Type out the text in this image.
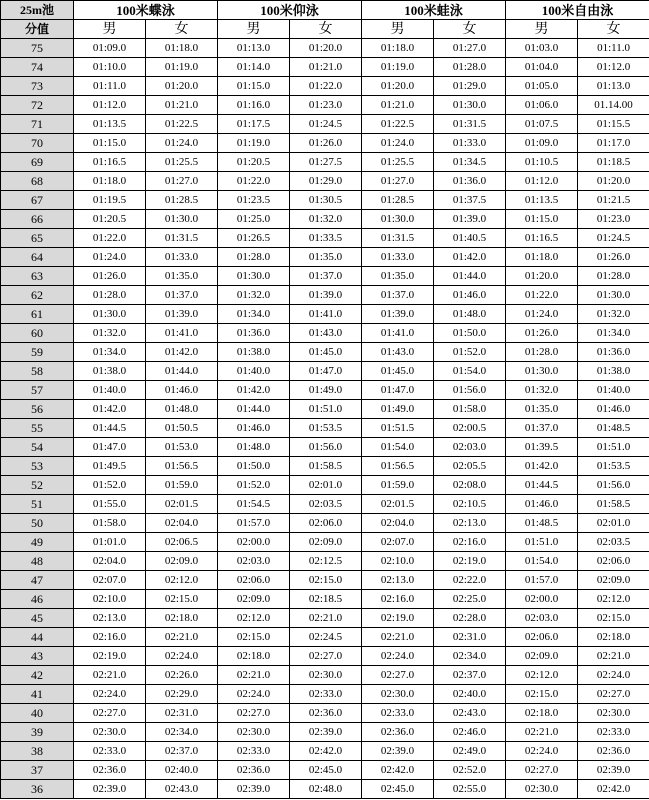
25m池	100米蝶泳		100米仰泳		100米蛙泳		100米自由泳	
分值	男	女	男	女	男	女	男	女
75	01:09.0	01:18.0	01:13.0	01:20.0	01:18.0	01:27.0	01:03.0	01:11.0
74	01:10.0	01:19.0	01:14.0	01:21.0	01:19.0	01:28.0	01:04.0	01:12.0
73	01:11.0	01:20.0	01:15.0	01:22.0	01:20.0	01:29.0	01:05.0	01:13.0
72	01:12.0	01:21.0	01:16.0	01:23.0	01:21.0	01:30.0	01:06.0	01.14.00
71	01:13.5	01:22.5	01:17.5	01:24.5	01:22.5	01:31.5	01:07.5	01:15.5
70	01:15.0	01:24.0	01:19.0	01:26.0	01:24.0	01:33.0	01:09.0	01:17.0
69	01:16.5	01:25.5	01:20.5	01:27.5	01:25.5	01:34.5	01:10.5	01:18.5
68	01:18.0	01:27.0	01:22.0	01:29.0	01:27.0	01:36.0	01:12.0	01:20.0
67	01:19.5	01:28.5	01:23.5	01:30.5	01:28.5	01:37.5	01:13.5	01:21.5
66	01:20.5	01:30.0	01:25.0	01:32.0	01:30.0	01:39.0	01:15.0	01:23.0
65	01:22.0	01:31.5	01:26.5	01:33.5	01:31.5	01:40.5	01:16.5	01:24.5
64	01:24.0	01:33.0	01:28.0	01:35.0	01:33.0	01:42.0	01:18.0	01:26.0
63	01:26.0	01:35.0	01:30.0	01:37.0	01:35.0	01:44.0	01:20.0	01:28.0
62	01:28.0	01:37.0	01:32.0	01:39.0	01:37.0	01:46.0	01:22.0	01:30.0
61	01:30.0	01:39.0	01:34.0	01:41.0	01:39.0	01:48.0	01:24.0	01:32.0
60	01:32.0	01:41.0	01:36.0	01:43.0	01:41.0	01:50.0	01:26.0	01:34.0
59	01:34.0	01:42.0	01:38.0	01:45.0	01:43.0	01:52.0	01:28.0	01:36.0
58	01:38.0	01:44.0	01:40.0	01:47.0	01:45.0	01:54.0	01:30.0	01:38.0
57	01:40.0	01:46.0	01:42.0	01:49.0	01:47.0	01:56.0	01:32.0	01:40.0
56	01:42.0	01:48.0	01:44.0	01:51.0	01:49.0	01:58.0	01:35.0	01:46.0
55	01:44.5	01:50.5	01:46.0	01:53.5	01:51.5	02:00.5	01:37.0	01:48.5
54	01:47.0	01:53.0	01:48.0	01:56.0	01:54.0	02:03.0	01:39.5	01:51.0
53	01:49.5	01:56.5	01:50.0	01:58.5	01:56.5	02:05.5	01:42.0	01:53.5
52	01:52.0	01:59.0	01:52.0	02:01.0	01:59.0	02:08.0	01:44.5	01:56.0
51	01:55.0	02:01.5	01:54.5	02:03.5	02:01.5	02:10.5	01:46.0	01:58.5
50	01:58.0	02:04.0	01:57.0	02:06.0	02:04.0	02:13.0	01:48.5	02:01.0
49	01:01.0	02:06.5	02:00.0	02:09.0	02:07.0	02:16.0	01:51.0	02:03.5
48	02:04.0	02:09.0	02:03.0	02:12.5	02:10.0	02:19.0	01:54.0	02:06.0
47	02:07.0	02:12.0	02:06.0	02:15.0	02:13.0	02:22.0	01:57.0	02:09.0
46	02:10.0	02:15.0	02:09.0	02:18.5	02:16.0	02:25.0	02:00.0	02:12.0
45	02:13.0	02:18.0	02:12.0	02:21.0	02:19.0	02:28.0	02:03.0	02:15.0
44	02:16.0	02:21.0	02:15.0	02:24.5	02:21.0	02:31.0	02:06.0	02:18.0
43	02:19.0	02:24.0	02:18.0	02:27.0	02:24.0	02:34.0	02:09.0	02:21.0
42	02:21.0	02:26.0	02:21.0	02:30.0	02:27.0	02:37.0	02:12.0	02:24.0
41	02:24.0	02:29.0	02:24.0	02:33.0	02:30.0	02:40.0	02:15.0	02:27.0
40	02:27.0	02:31.0	02:27.0	02:36.0	02:33.0	02:43.0	02:18.0	02:30.0
39	02:30.0	02:34.0	02:30.0	02:39.0	02:36.0	02:46.0	02:21.0	02:33.0
38	02:33.0	02:37.0	02:33.0	02:42.0	02:39.0	02:49.0	02:24.0	02:36.0
37	02:36.0	02:40.0	02:36.0	02:45.0	02:42.0	02:52.0	02:27.0	02:39.0
36	02:39.0	02:43.0	02:39.0	02:48.0	02:45.0	02:55.0	02:30.0	02:42.0
